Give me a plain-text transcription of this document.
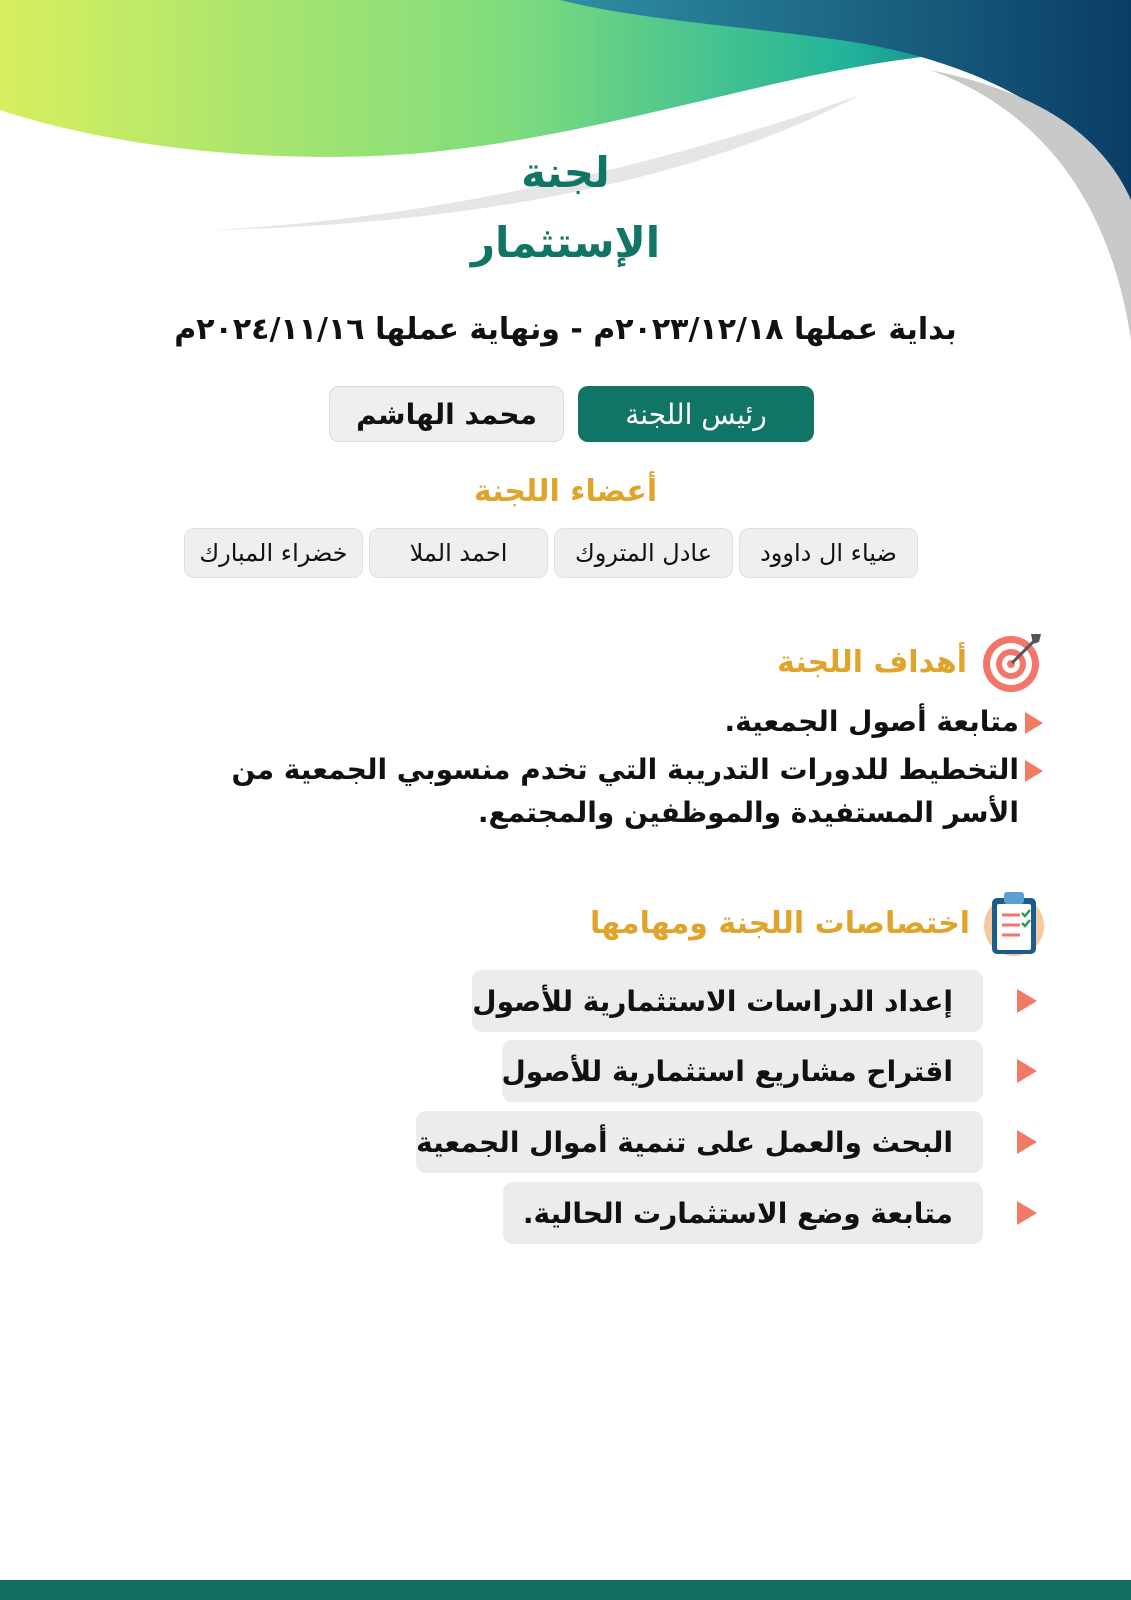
لجنة
الإستثمار
بداية عملها ٢٠٢٣/١٢/١٨م - ونهاية عملها ٢٠٢٤/١١/١٦م
رئيس اللجنة
محمد الهاشم
أعضاء اللجنة
ضياء ال داوود
عادل المتروك
احمد الملا
خضراء المبارك
أهداف اللجنة
متابعة أصول الجمعية.
التخطيط للدورات التدريبة التي تخدم منسوبي الجمعية من الأسر المستفيدة والموظفين والمجتمع.
اختصاصات اللجنة ومهامها
إعداد الدراسات الاستثمارية للأصول
اقتراح مشاريع استثمارية للأصول
البحث والعمل على تنمية أموال الجمعية
متابعة وضع الاستثمارت الحالية.
